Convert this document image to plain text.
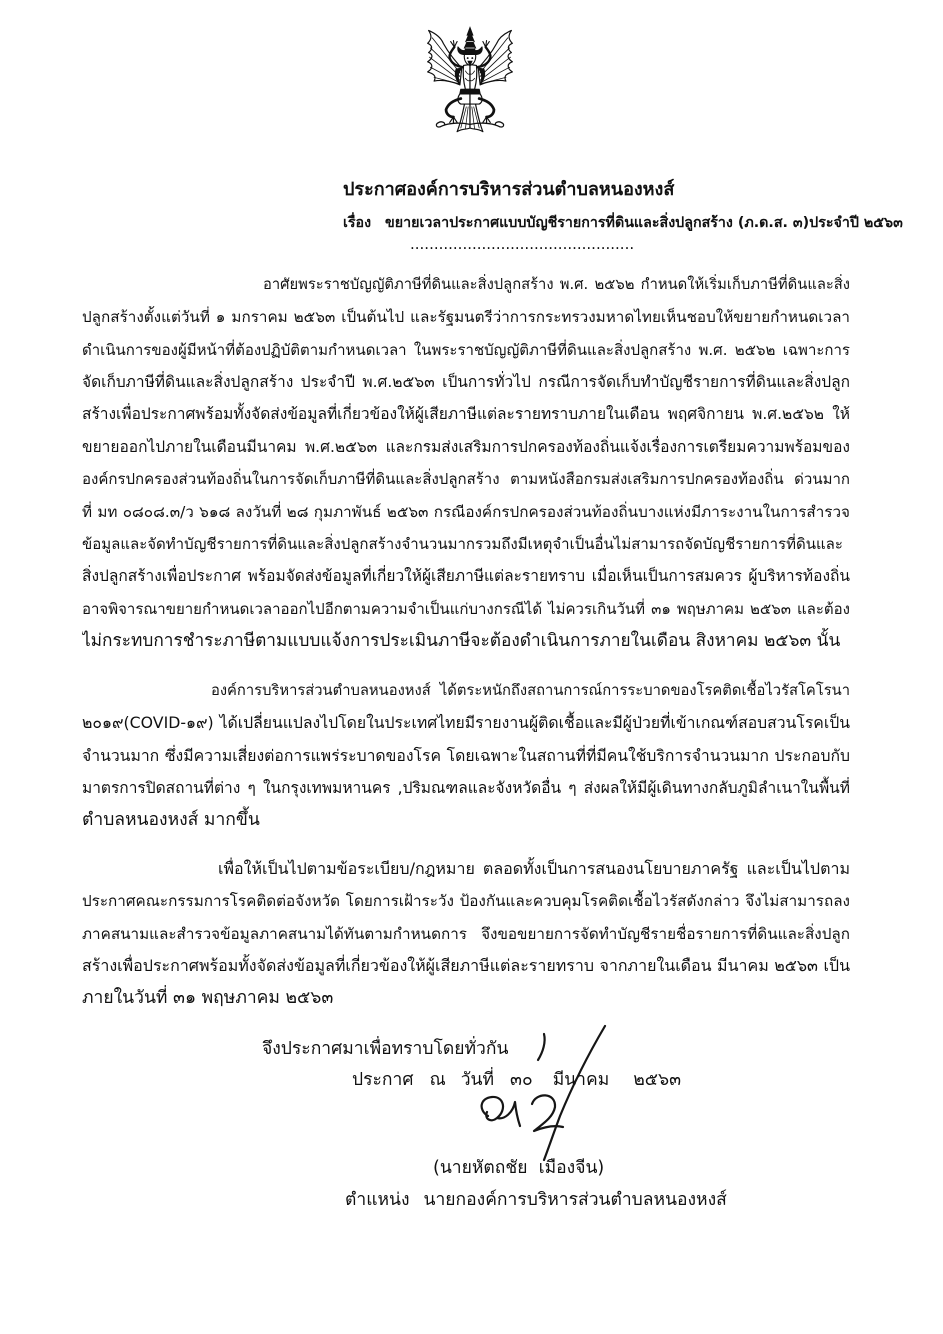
ประกาศองค์การบริหารส่วนตำบลหนองหงส์
เรื่อง ขยายเวลาประกาศแบบบัญชีรายการที่ดินและสิ่งปลูกสร้าง (ภ.ด.ส. ๓)ประจำปี ๒๕๖๓
...............................................
อาศัยพระราชบัญญัติภาษีที่ดินและสิ่งปลูกสร้าง พ.ศ. ๒๕๖๒ กำหนดให้เริ่มเก็บภาษีที่ดินและสิ่ง
ปลูกสร้างตั้งแต่วันที่ ๑ มกราคม ๒๕๖๓ เป็นต้นไป และรัฐมนตรีว่าการกระทรวงมหาดไทยเห็นชอบให้ขยายกำหนดเวลา
ดำเนินการของผู้มีหน้าที่ต้องปฏิบัติตามกำหนดเวลา ในพระราชบัญญัติภาษีที่ดินและสิ่งปลูกสร้าง พ.ศ. ๒๕๖๒ เฉพาะการ
จัดเก็บภาษีที่ดินและสิ่งปลูกสร้าง ประจำปี พ.ศ.๒๕๖๓ เป็นการทั่วไป กรณีการจัดเก็บทำบัญชีรายการที่ดินและสิ่งปลูก
สร้างเพื่อประกาศพร้อมทั้งจัดส่งข้อมูลที่เกี่ยวข้องให้ผู้เสียภาษีแต่ละรายทราบภายในเดือน พฤศจิกายน พ.ศ.๒๕๖๒ ให้
ขยายออกไปภายในเดือนมีนาคม พ.ศ.๒๕๖๓ และกรมส่งเสริมการปกครองท้องถิ่นแจ้งเรื่องการเตรียมความพร้อมของ
องค์กรปกครองส่วนท้องถิ่นในการจัดเก็บภาษีที่ดินและสิ่งปลูกสร้าง ตามหนังสือกรมส่งเสริมการปกครองท้องถิ่น ด่วนมาก
ที่ มท ๐๘๐๘.๓/ว ๖๑๘ ลงวันที่ ๒๘ กุมภาพันธ์ ๒๕๖๓ กรณีองค์กรปกครองส่วนท้องถิ่นบางแห่งมีภาระงานในการสำรวจ
ข้อมูลและจัดทำบัญชีรายการที่ดินและสิ่งปลูกสร้างจำนวนมากรวมถึงมีเหตุจำเป็นอื่นไม่สามารถจัดบัญชีรายการที่ดินและ
สิ่งปลูกสร้างเพื่อประกาศ พร้อมจัดส่งข้อมูลที่เกี่ยวให้ผู้เสียภาษีแต่ละรายทราบ เมื่อเห็นเป็นการสมควร ผู้บริหารท้องถิ่น
อาจพิจารณาขยายกำหนดเวลาออกไปอีกตามความจำเป็นแก่บางกรณีได้ ไม่ควรเกินวันที่ ๓๑ พฤษภาคม ๒๕๖๓ และต้อง
ไม่กระทบการชำระภาษีตามแบบแจ้งการประเมินภาษีจะต้องดำเนินการภายในเดือน สิงหาคม ๒๕๖๓ นั้น
องค์การบริหารส่วนตำบลหนองหงส์ ได้ตระหนักถึงสถานการณ์การระบาดของโรคติดเชื้อไวรัสโคโรนา
๒๐๑๙(COVID-๑๙) ได้เปลี่ยนแปลงไปโดยในประเทศไทยมีรายงานผู้ติดเชื้อและมีผู้ป่วยที่เข้าเกณฑ์สอบสวนโรคเป็น
จำนวนมาก ซึ่งมีความเสี่ยงต่อการแพร่ระบาดของโรค โดยเฉพาะในสถานที่ที่มีคนใช้บริการจำนวนมาก ประกอบกับ
มาตรการปิดสถานที่ต่าง ๆ ในกรุงเทพมหานคร ,ปริมณฑลและจังหวัดอื่น ๆ ส่งผลให้มีผู้เดินทางกลับภูมิลำเนาในพื้นที่
ตำบลหนองหงส์ มากขึ้น
เพื่อให้เป็นไปตามข้อระเบียบ/กฎหมาย ตลอดทั้งเป็นการสนองนโยบายภาครัฐ และเป็นไปตาม
ประกาศคณะกรรมการโรคติดต่อจังหวัด โดยการเฝ้าระวัง ป้องกันและควบคุมโรคติดเชื้อไวรัสดังกล่าว จึงไม่สามารถลง
ภาคสนามและสำรวจข้อมูลภาคสนามได้ทันตามกำหนดการ จึงขอขยายการจัดทำบัญชีรายชื่อรายการที่ดินและสิ่งปลูก
สร้างเพื่อประกาศพร้อมทั้งจัดส่งข้อมูลที่เกี่ยวข้องให้ผู้เสียภาษีแต่ละรายทราบ จากภายในเดือน มีนาคม ๒๕๖๓ เป็น
ภายในวันที่ ๓๑ พฤษภาคม ๒๕๖๓
จึงประกาศมาเพื่อทราบโดยทั่วกัน
ประกาศ ณ วันที่ ๓๐ มีนาคม ๒๕๖๓
(นายหัตถชัย  เมืองจีน)
ตำแหน่ง นายกองค์การบริหารส่วนตำบลหนองหงส์
